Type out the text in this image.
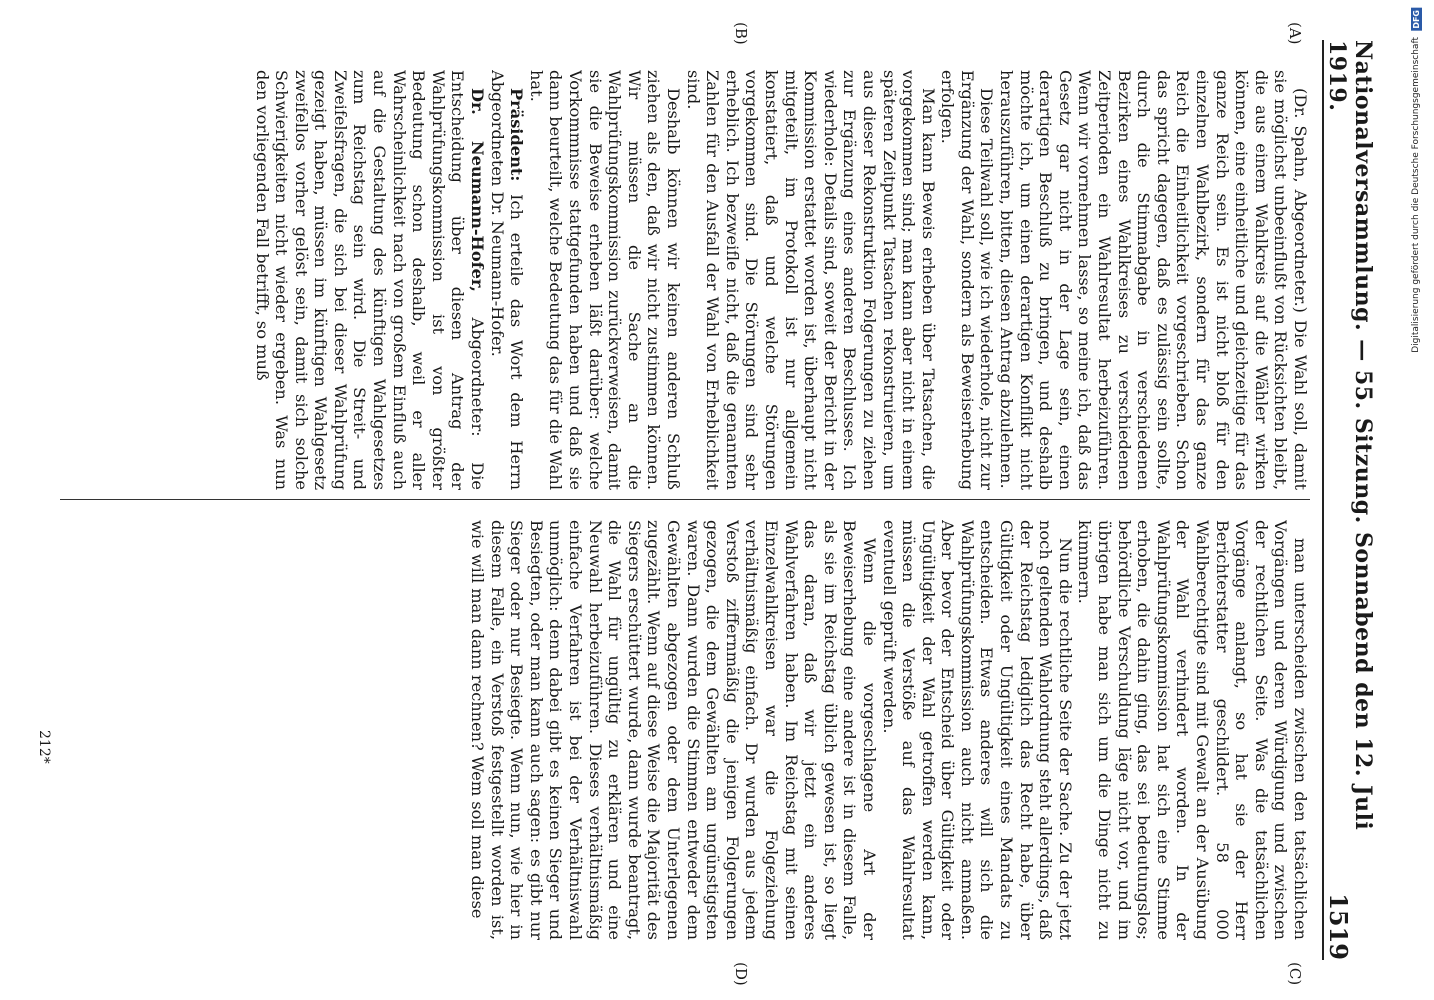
Nationalversammlung. — 55. Sitzung. Sonnabend den 12. Juli 1919.
1519
(A)
(B)
(C)
(D)

(Dr. Spahn, Abgeordneter.) Die Wahl soll, damit sie möglichst unbeeinflußt von Rücksichten bleibt, die aus einem Wahlkreis auf die Wähler wirken können, eine einheitliche und gleichzeitige für das ganze Reich sein. Es ist nicht bloß für den einzelnen Wahlbezirk, sondern für das ganze Reich die Einheitlichkeit vorgeschrieben. Schon das spricht dagegen, daß es zulässig sein sollte, durch die Stimmabgabe in verschiedenen Bezirken eines Wahlkreises zu verschiedenen Zeitperioden ein Wahlresultat herbeizuführen. Wenn wir vornehmen lasse, so meine ich, daß das Gesetz gar nicht in der Lage sein, einen derartigen Beschluß zu bringen, und deshalb möchte ich, um einen derartigen Konflikt nicht herauszuführen, bitten, diesen Antrag abzulehnen.

Diese Teilwahl soll, wie ich wiederhole, nicht zur Ergänzung der Wahl, sondern als Beweiserhebung erfolgen.

Man kann Beweis erheben über Tatsachen, die vorgekommen sind; man kann aber nicht in einem späteren Zeitpunkt Tatsachen rekonstruieren, um aus dieser Rekonstruktion Folgerungen zu ziehen zur Ergänzung eines anderen Beschlusses. Ich wiederhole: Details sind, soweit der Bericht in der Kommission erstattet worden ist, überhaupt nicht mitgeteilt, im Protokoll ist nur allgemein konstatiert, daß und welche Störungen vorgekommen sind. Die Störungen sind sehr erheblich. Ich bezweifle nicht, daß die genannten Zahlen für den Ausfall der Wahl von Erheblichkeit sind.

Deshalb können wir keinen anderen Schluß ziehen als den, daß wir nicht zustimmen können. Wir müssen die Sache an die Wahlprüfungskommission zurückverweisen, damit sie die Beweise erheben läßt darüber: welche Vorkommnisse stattgefunden haben und daß sie dann beurteilt, welche Bedeutung das für die Wahl hat.

Präsident: Ich erteile das Wort dem Herrn Abgeordneten Dr. Neumann-Hofer.

Dr. Neumann-Hofer, Abgeordneter: Die Entscheidung über diesen Antrag der Wahlprüfungskommission ist von größter Bedeutung schon deshalb, weil er aller Wahrscheinlichkeit nach von großem Einfluß auch auf die Gestaltung des künftigen Wahlgesetzes zum Reichstag sein wird. Die Streit- und Zweifelsfragen, die sich bei dieser Wahlprüfung gezeigt haben, müssen im künftigen Wahlgesetz zweifellos vorher gelöst sein, damit sich solche Schwierigkeiten nicht wieder ergeben. Was nun den vorliegenden Fall betrifft, so muß

man unterscheiden zwischen den tatsächlichen Vorgängen und deren Würdigung und zwischen der rechtlichen Seite. Was die tatsächlichen Vorgänge anlangt, so hat sie der Herr Berichterstatter geschildert. 58 000 Wahlberechtigte sind mit Gewalt an der Ausübung der Wahl verhindert worden. In der Wahlprüfungskommission hat sich eine Stimme erhoben, die dahin ging, das sei bedeutungslos; behördliche Verschuldung läge nicht vor, und im übrigen habe man sich um die Dinge nicht zu kümmern.

Nun die rechtliche Seite der Sache. Zu der jetzt noch geltenden Wahlordnung steht allerdings, daß der Reichstag lediglich das Recht habe, über Gültigkeit oder Ungültigkeit eines Mandats zu entscheiden. Etwas anderes will sich die Wahlprüfungskommission auch nicht anmaßen. Aber bevor der Entscheid über Gültigkeit oder Ungültigkeit der Wahl getroffen werden kann, müssen die Verstöße auf das Wahlresultat eventuell geprüft werden.

Wenn die vorgeschlagene Art der Beweiserhebung eine andere ist in diesem Falle, als sie im Reichstag üblich gewesen ist, so liegt das daran, daß wir jetzt ein anderes Wahlverfahren haben. Im Reichstag mit seinen Einzelwahlkreisen war die Folgeziehung verhältnismäßig einfach. Dr wurden aus jedem Verstoß ziffernmäßig die jenigen Folgerungen gezogen, die dem Gewählten am ungünstigsten waren. Dann wurden die Stimmen entweder dem Gewählten abgezogen oder dem Unterlegenen zugezählt. Wenn auf diese Weise die Majorität des Siegers erschüttert wurde, dann wurde beantragt, die Wahl für ungültig zu erklären und eine Neuwahl herbeizuführen. Dieses verhältnismäßig einfache Verfahren ist bei der Verhältniswahl unmöglich: denn dabei gibt es keinen Sieger und Besiegten, oder man kann auch sagen: es gibt nur Sieger oder nur Besiegte. Wenn nun, wie hier in diesem Falle, ein Verstoß festgestellt worden ist, wie will man dann rechnen? Wem soll man diese

212*
DFG
Digitalisierung gefördert durch die Deutsche Forschungsgemeinschaft
